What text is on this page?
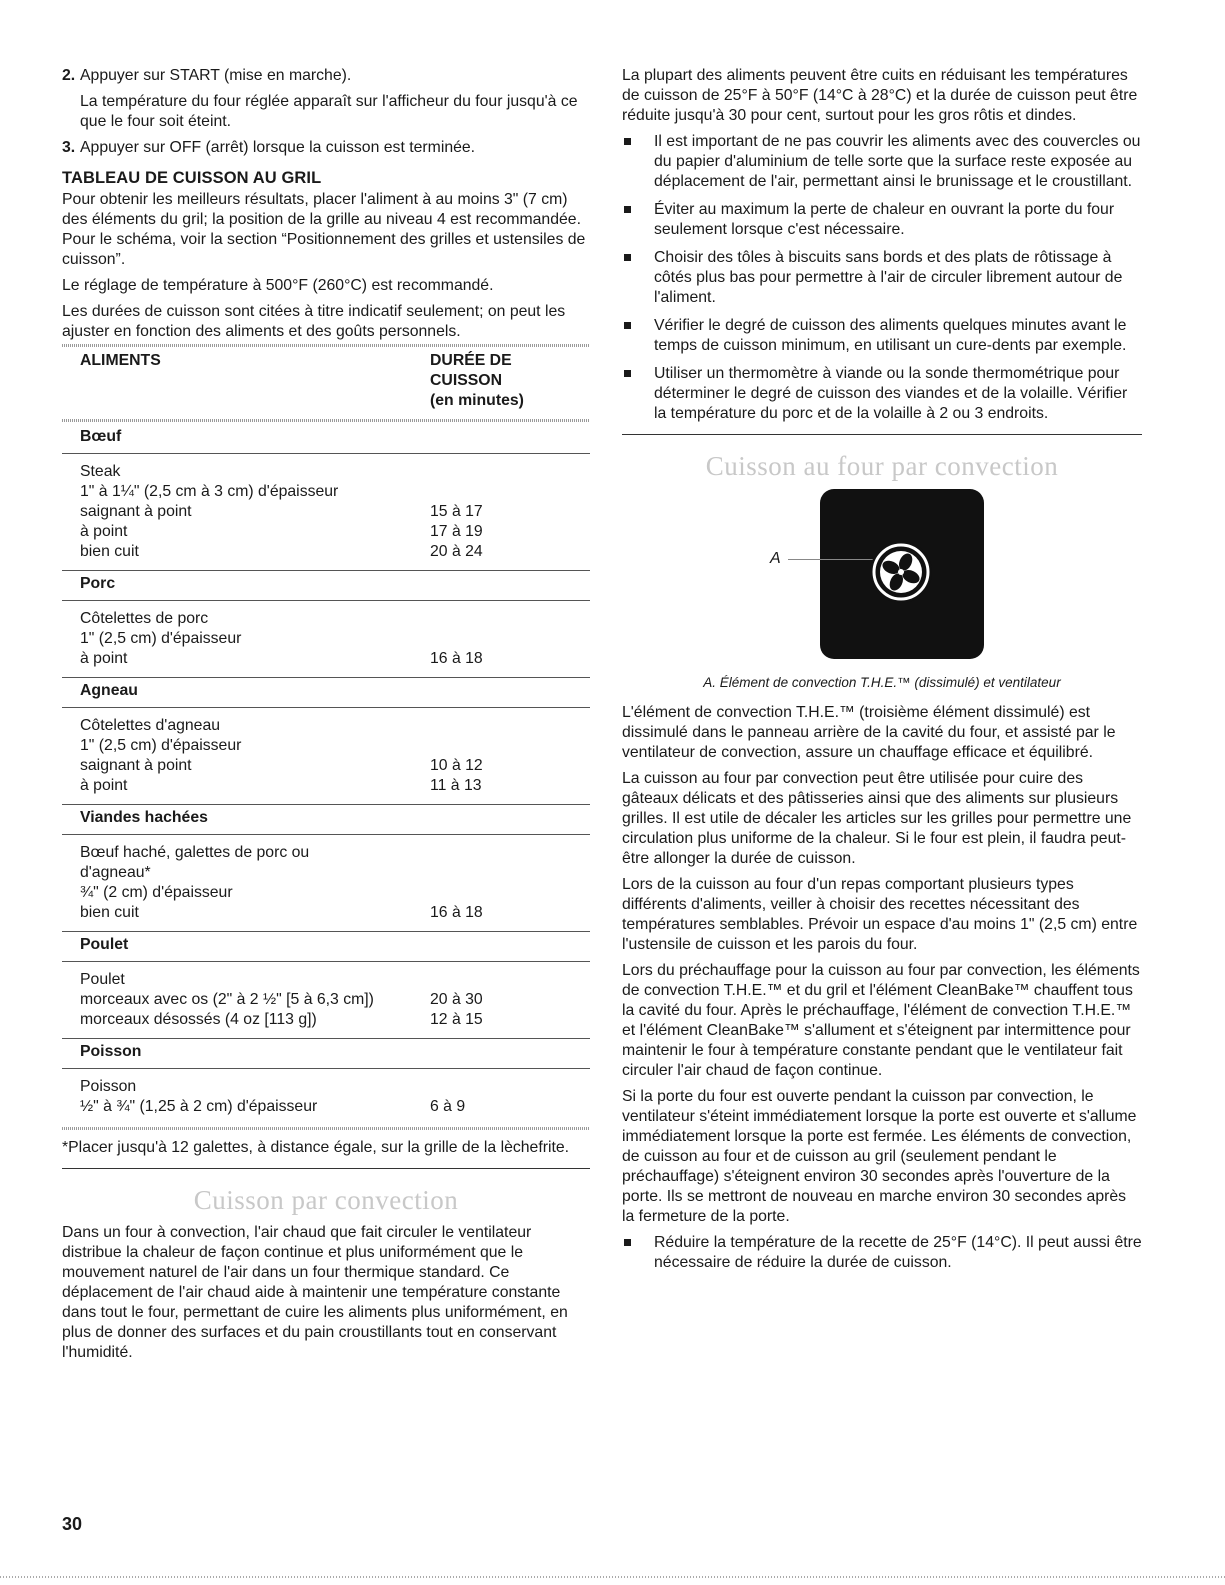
2. Appuyer sur START (mise en marche).

La température du four réglée apparaît sur l'afficheur du four jusqu'à ce que le four soit éteint.

3. Appuyer sur OFF (arrêt) lorsque la cuisson est terminée.

TABLEAU DE CUISSON AU GRIL

Pour obtenir les meilleurs résultats, placer l'aliment à au moins 3" (7 cm) des éléments du gril; la position de la grille au niveau 4 est recommandée. Pour le schéma, voir la section “Positionnement des grilles et ustensiles de cuisson”.

Le réglage de température à 500°F (260°C) est recommandé.

Les durées de cuisson sont citées à titre indicatif seulement; on peut les ajuster en fonction des aliments et des goûts personnels.

ALIMENTS	DURÉE DE
CUISSON
(en minutes)
Bœuf
Steak
1" à 1¼" (2,5 cm à 3 cm) d'épaisseur
saignant à point	15 à 17
à point	17 à 19
bien cuit	20 à 24
Porc
Côtelettes de porc
1" (2,5 cm) d'épaisseur
à point	16 à 18
Agneau
Côtelettes d'agneau
1" (2,5 cm) d'épaisseur
saignant à point	10 à 12
à point	11 à 13
Viandes hachées
Bœuf haché, galettes de porc ou
d'agneau*
¾" (2 cm) d'épaisseur
bien cuit	16 à 18
Poulet
Poulet
morceaux avec os (2" à 2 ½" [5 à 6,3 cm])	20 à 30
morceaux désossés (4 oz [113 g])	12 à 15
Poisson
Poisson
½" à ¾" (1,25 à 2 cm) d'épaisseur	6 à 9

*Placer jusqu'à 12 galettes, à distance égale, sur la grille de la lèchefrite.

Cuisson par convection

Dans un four à convection, l'air chaud que fait circuler le ventilateur distribue la chaleur de façon continue et plus uniformément que le mouvement naturel de l'air dans un four thermique standard. Ce déplacement de l'air chaud aide à maintenir une température constante dans tout le four, permettant de cuire les aliments plus uniformément, en plus de donner des surfaces et du pain croustillants tout en conservant l'humidité.

La plupart des aliments peuvent être cuits en réduisant les températures de cuisson de 25°F à 50°F (14°C à 28°C) et la durée de cuisson peut être réduite jusqu'à 30 pour cent, surtout pour les gros rôtis et dindes.

Il est important de ne pas couvrir les aliments avec des couvercles ou du papier d'aluminium de telle sorte que la surface reste exposée au déplacement de l'air, permettant ainsi le brunissage et le croustillant.
Éviter au maximum la perte de chaleur en ouvrant la porte du four seulement lorsque c'est nécessaire.
Choisir des tôles à biscuits sans bords et des plats de rôtissage à côtés plus bas pour permettre à l'air de circuler librement autour de l'aliment.
Vérifier le degré de cuisson des aliments quelques minutes avant le temps de cuisson minimum, en utilisant un cure-dents par exemple.
Utiliser un thermomètre à viande ou la sonde thermométrique pour déterminer le degré de cuisson des viandes et de la volaille. Vérifier la température du porc et de la volaille à 2 ou 3 endroits.
Cuisson au four par convection
A
A. Élément de convection T.H.E.™ (dissimulé) et ventilateur

L'élément de convection T.H.E.™ (troisième élément dissimulé) est dissimulé dans le panneau arrière de la cavité du four, et assisté par le ventilateur de convection, assure un chauffage efficace et équilibré.

La cuisson au four par convection peut être utilisée pour cuire des gâteaux délicats et des pâtisseries ainsi que des aliments sur plusieurs grilles. Il est utile de décaler les articles sur les grilles pour permettre une circulation plus uniforme de la chaleur. Si le four est plein, il faudra peut-être allonger la durée de cuisson.

Lors de la cuisson au four d'un repas comportant plusieurs types différents d'aliments, veiller à choisir des recettes nécessitant des températures semblables. Prévoir un espace d'au moins 1" (2,5 cm) entre l'ustensile de cuisson et les parois du four.

Lors du préchauffage pour la cuisson au four par convection, les éléments de convection T.H.E.™ et du gril et l'élément CleanBake™ chauffent tous la cavité du four. Après le préchauffage, l'élément de convection T.H.E.™ et l'élément CleanBake™ s'allument et s'éteignent par intermittence pour maintenir le four à température constante pendant que le ventilateur fait circuler l'air chaud de façon continue.

Si la porte du four est ouverte pendant la cuisson par convection, le ventilateur s'éteint immédiatement lorsque la porte est ouverte et s'allume immédiatement lorsque la porte est fermée. Les éléments de convection, de cuisson au four et de cuisson au gril (seulement pendant le préchauffage) s'éteignent environ 30 secondes après l'ouverture de la porte. Ils se mettront de nouveau en marche environ 30 secondes après la fermeture de la porte.

Réduire la température de la recette de 25°F (14°C). Il peut aussi être nécessaire de réduire la durée de cuisson.
30
